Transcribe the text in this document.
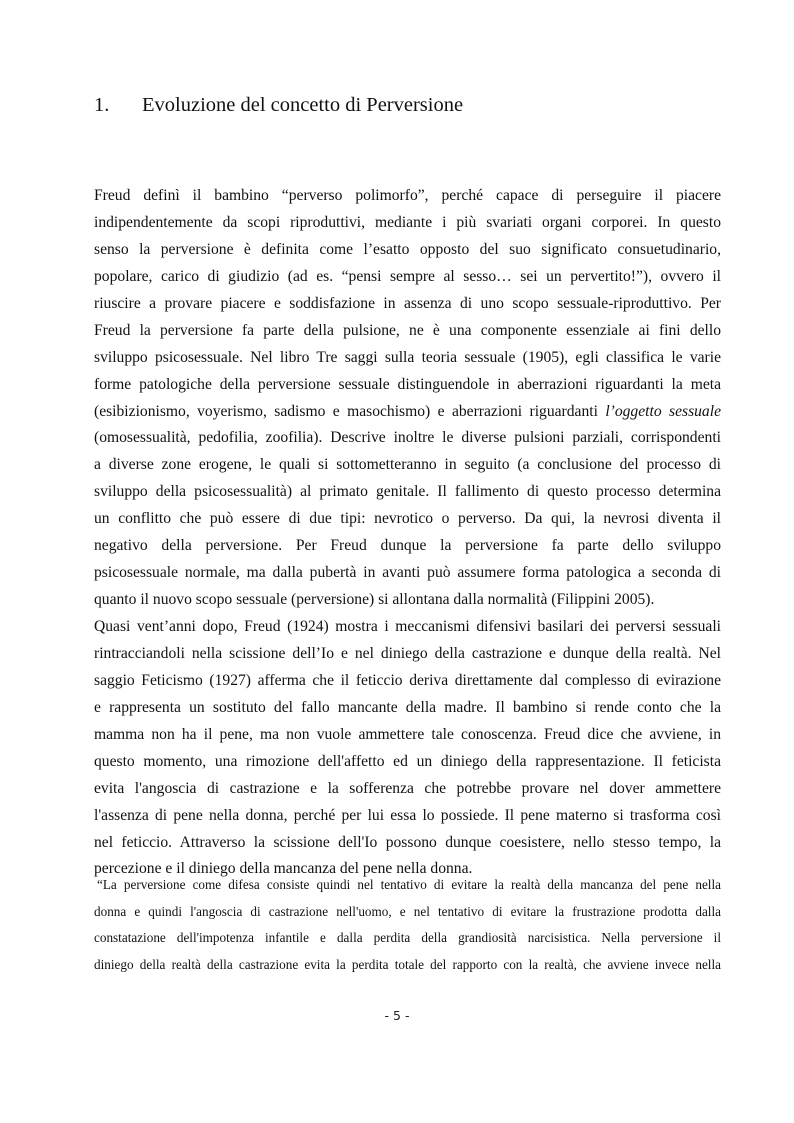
1. Evoluzione del concetto di Perversione
Freud definì il bambino “perverso polimorfo”, perché capace di perseguire il piacere
indipendentemente da scopi riproduttivi, mediante i più svariati organi corporei. In questo
senso la perversione è definita come l’esatto opposto del suo significato consuetudinario,
popolare, carico di giudizio (ad es. “pensi sempre al sesso… sei un pervertito!”), ovvero il
riuscire a provare piacere e soddisfazione in assenza di uno scopo sessuale-riproduttivo. Per
Freud la perversione fa parte della pulsione, ne è una componente essenziale ai fini dello
sviluppo psicosessuale. Nel libro Tre saggi sulla teoria sessuale (1905), egli classifica le varie
forme patologiche della perversione sessuale distinguendole in aberrazioni riguardanti la meta
(esibizionismo, voyerismo, sadismo e masochismo) e aberrazioni riguardanti l’oggetto sessuale
(omosessualità, pedofilia, zoofilia). Descrive inoltre le diverse pulsioni parziali, corrispondenti
a diverse zone erogene, le quali si sottometteranno in seguito (a conclusione del processo di
sviluppo della psicosessualità) al primato genitale. Il fallimento di questo processo determina
un conflitto che può essere di due tipi: nevrotico o perverso. Da qui, la nevrosi diventa il
negativo della perversione. Per Freud dunque la perversione fa parte dello sviluppo
psicosessuale normale, ma dalla pubertà in avanti può assumere forma patologica a seconda di
quanto il nuovo scopo sessuale (perversione) si allontana dalla normalità (Filippini 2005).
Quasi vent’anni dopo, Freud (1924) mostra i meccanismi difensivi basilari dei perversi sessuali
rintracciandoli nella scissione dell’Io e nel diniego della castrazione e dunque della realtà. Nel
saggio Feticismo (1927) afferma che il feticcio deriva direttamente dal complesso di evirazione
e rappresenta un sostituto del fallo mancante della madre. Il bambino si rende conto che la
mamma non ha il pene, ma non vuole ammettere tale conoscenza. Freud dice che avviene, in
questo momento, una rimozione dell'affetto ed un diniego della rappresentazione. Il feticista
evita l'angoscia di castrazione e la sofferenza che potrebbe provare nel dover ammettere
l'assenza di pene nella donna, perché per lui essa lo possiede. Il pene materno si trasforma così
nel feticcio. Attraverso la scissione dell'Io possono dunque coesistere, nello stesso tempo, la
percezione e il diniego della mancanza del pene nella donna.
“La perversione come difesa consiste quindi nel tentativo di evitare la realtà della mancanza del pene nella
donna e quindi l'angoscia di castrazione nell'uomo, e nel tentativo di evitare la frustrazione prodotta dalla
constatazione dell'impotenza infantile e dalla perdita della grandiosità narcisistica. Nella perversione il
diniego della realtà della castrazione evita la perdita totale del rapporto con la realtà, che avviene invece nella
- 5 -
